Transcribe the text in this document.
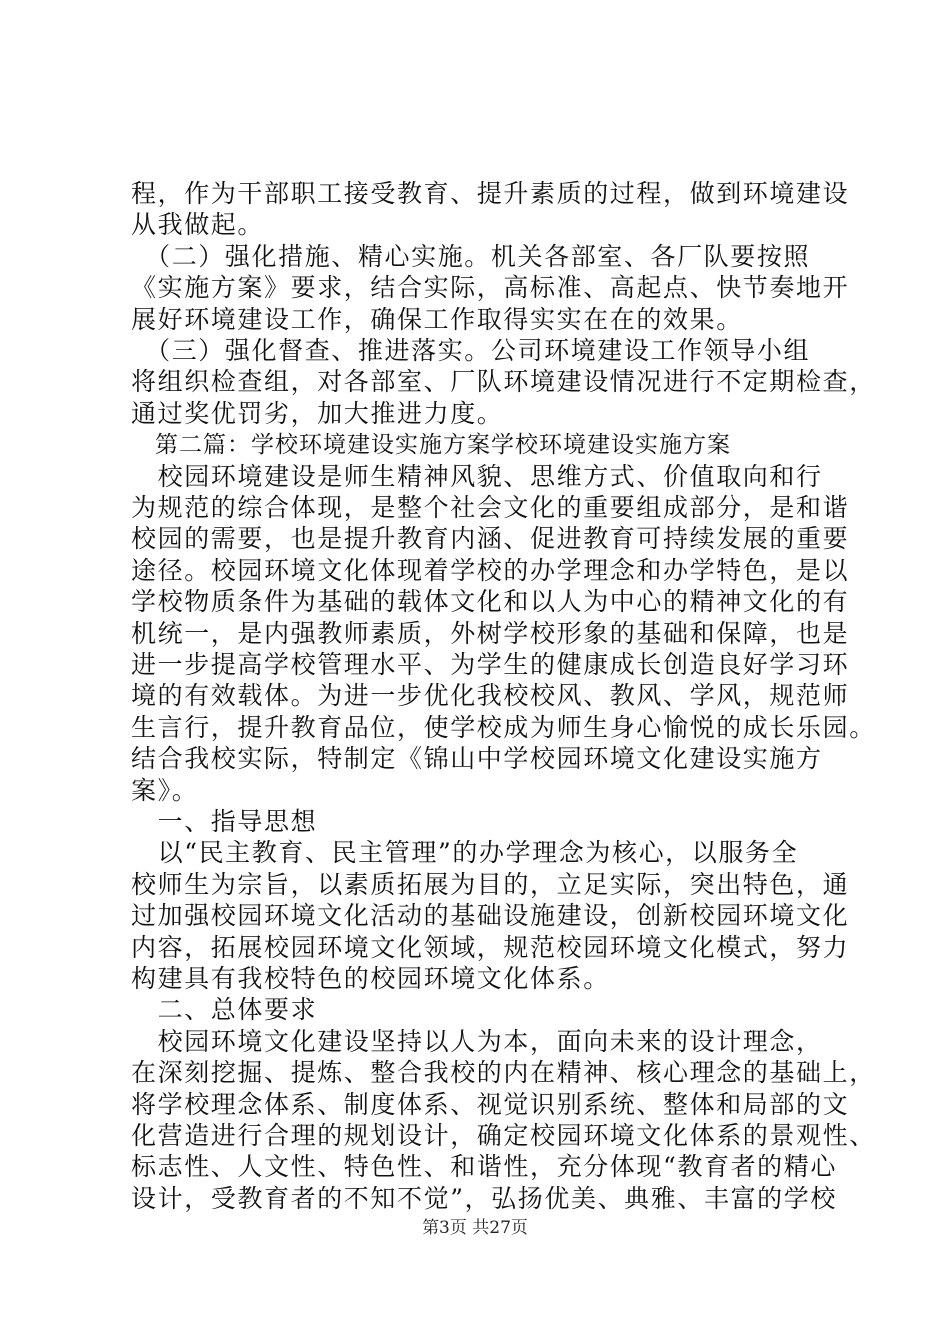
程，作为干部职工接受教育、提升素质的过程，做到环境建设
从我做起。
　（二）强化措施、精心实施。机关各部室、各厂队要按照
《实施方案》要求，结合实际，高标准、高起点、快节奏地开
展好环境建设工作，确保工作取得实实在在的效果。
　（三）强化督查、推进落实。公司环境建设工作领导小组
将组织检查组，对各部室、厂队环境建设情况进行不定期检查，
通过奖优罚劣，加大推进力度。
　第二篇：学校环境建设实施方案学校环境建设实施方案
　校园环境建设是师生精神风貌、思维方式、价值取向和行
为规范的综合体现，是整个社会文化的重要组成部分，是和谐
校园的需要，也是提升教育内涵、促进教育可持续发展的重要
途径。校园环境文化体现着学校的办学理念和办学特色，是以
学校物质条件为基础的载体文化和以人为中心的精神文化的有
机统一，是内强教师素质，外树学校形象的基础和保障，也是
进一步提高学校管理水平、为学生的健康成长创造良好学习环
境的有效载体。为进一步优化我校校风、教风、学风，规范师
生言行，提升教育品位，使学校成为师生身心愉悦的成长乐园。
结合我校实际，特制定《锦山中学校园环境文化建设实施方
案》。
　一、指导思想
　以“民主教育、民主管理”的办学理念为核心，以服务全
校师生为宗旨，以素质拓展为目的，立足实际，突出特色，通
过加强校园环境文化活动的基础设施建设，创新校园环境文化
内容，拓展校园环境文化领域，规范校园环境文化模式，努力
构建具有我校特色的校园环境文化体系。
　二、总体要求
　校园环境文化建设坚持以人为本，面向未来的设计理念，
在深刻挖掘、提炼、整合我校的内在精神、核心理念的基础上，
将学校理念体系、制度体系、视觉识别系统、整体和局部的文
化营造进行合理的规划设计，确定校园环境文化体系的景观性、
标志性、人文性、特色性、和谐性，充分体现“教育者的精心
设计，受教育者的不知不觉”，弘扬优美、典雅、丰富的学校
第3页 共27页
